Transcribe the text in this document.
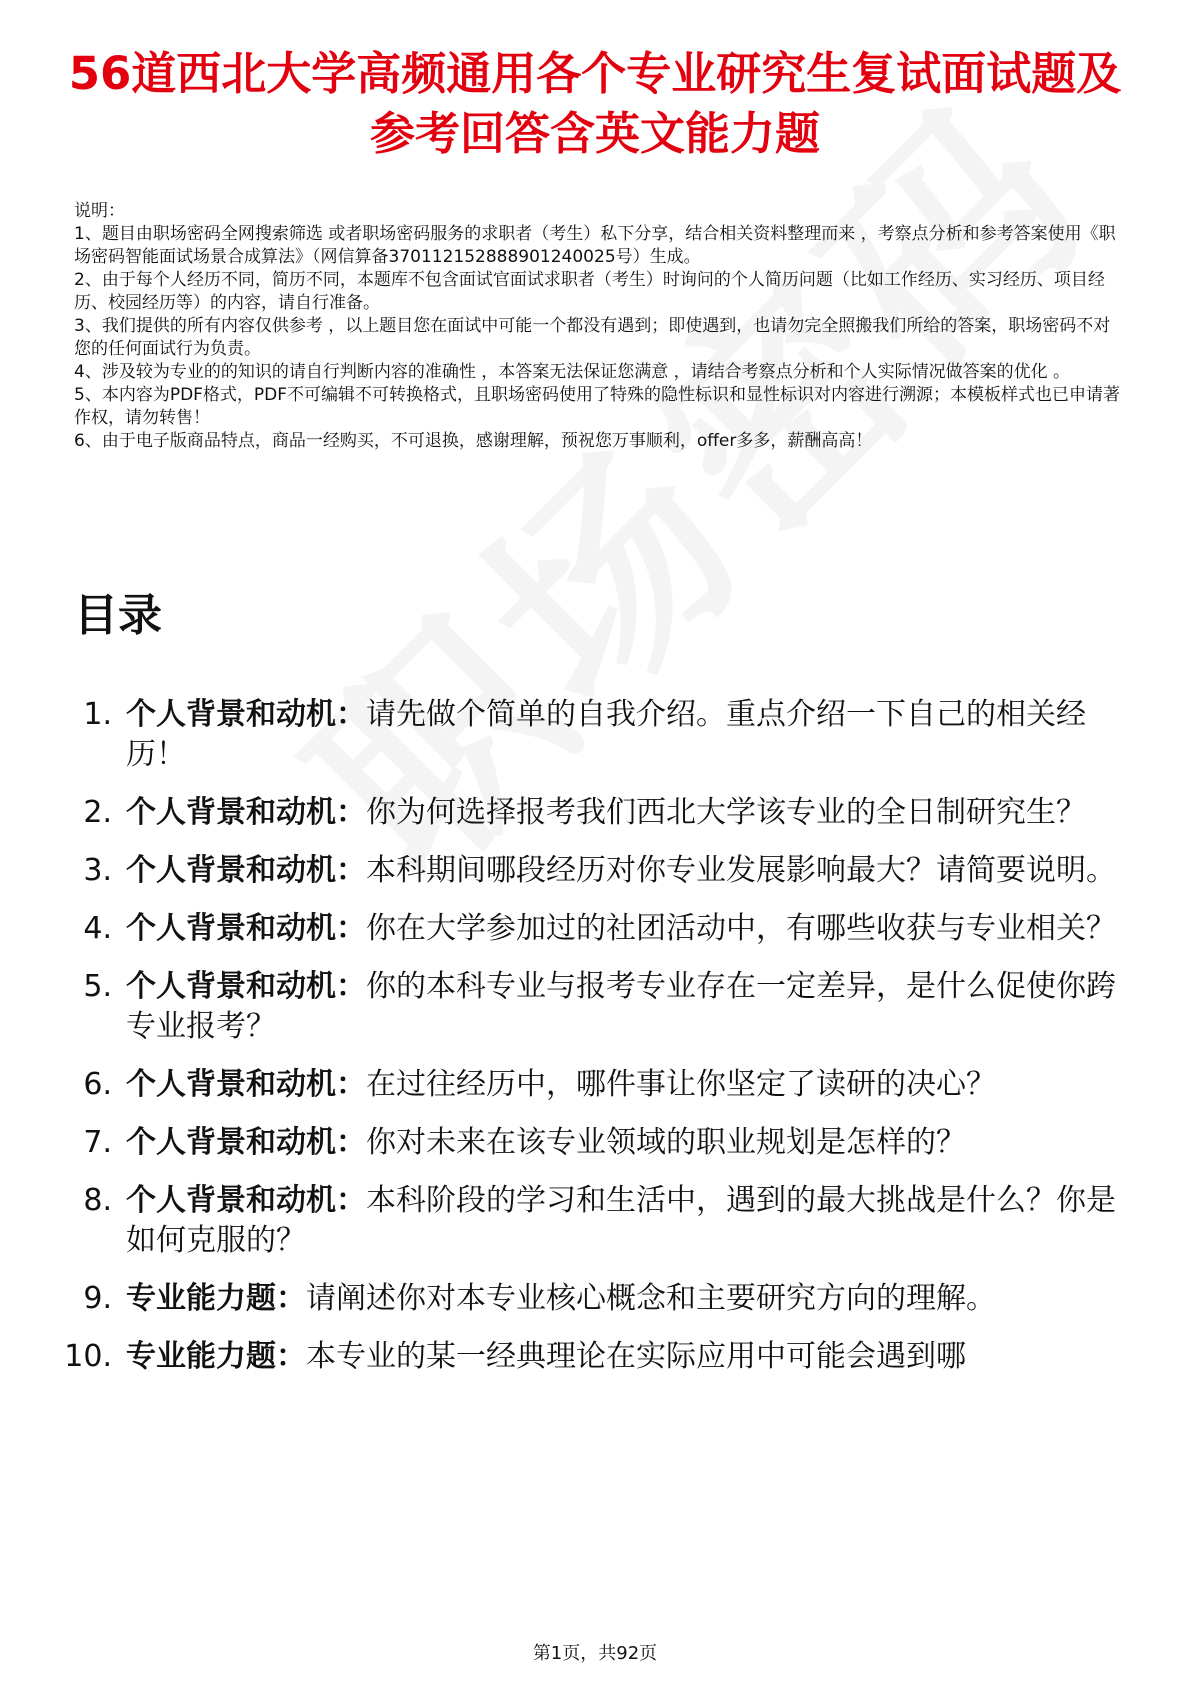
56道西北大学高频通用各个专业研究生复试面试题及参考回答含英文能力题

说明：

1、题目由职场密码全网搜索筛选 或者职场密码服务的求职者（考生）私下分享，结合相关资料整理而来 ，考察点分析和参考答案使用《职场密码智能面试场景合成算法》（网信算备370112152888901240025号）生成。

2、由于每个人经历不同，简历不同，本题库不包含面试官面试求职者（考生）时询问的个人简历问题（比如工作经历、实习经历、项目经历、校园经历等）的内容，请自行准备。

3、我们提供的所有内容仅供参考 ，以上题目您在面试中可能一个都没有遇到；即使遇到，也请勿完全照搬我们所给的答案，职场密码不对您的任何面试行为负责。

4、涉及较为专业的的知识的请自行判断内容的准确性 ，本答案无法保证您满意 ，请结合考察点分析和个人实际情况做答案的优化 。

5、本内容为PDF格式，PDF不可编辑不可转换格式，且职场密码使用了特殊的隐性标识和显性标识对内容进行溯源；本模板样式也已申请著作权，请勿转售！

6、由于电子版商品特点，商品一经购买，不可退换，感谢理解，预祝您万事顺利，offer多多，薪酬高高！

目录
1. 个人背景和动机：请先做个简单的自我介绍。重点介绍一下自己的相关经历！
2. 个人背景和动机：你为何选择报考我们西北大学该专业的全日制研究生？
3. 个人背景和动机：本科期间哪段经历对你专业发展影响最大？请简要说明。
4. 个人背景和动机：你在大学参加过的社团活动中，有哪些收获与专业相关？
5. 个人背景和动机：你的本科专业与报考专业存在一定差异，是什么促使你跨专业报考？
6. 个人背景和动机：在过往经历中，哪件事让你坚定了读研的决心？
7. 个人背景和动机：你对未来在该专业领域的职业规划是怎样的？
8. 个人背景和动机：本科阶段的学习和生活中，遇到的最大挑战是什么？你是如何克服的？
9. 专业能力题：请阐述你对本专业核心概念和主要研究方向的理解。
10. 专业能力题：本专业的某一经典理论在实际应用中可能会遇到哪
第1页，共92页
